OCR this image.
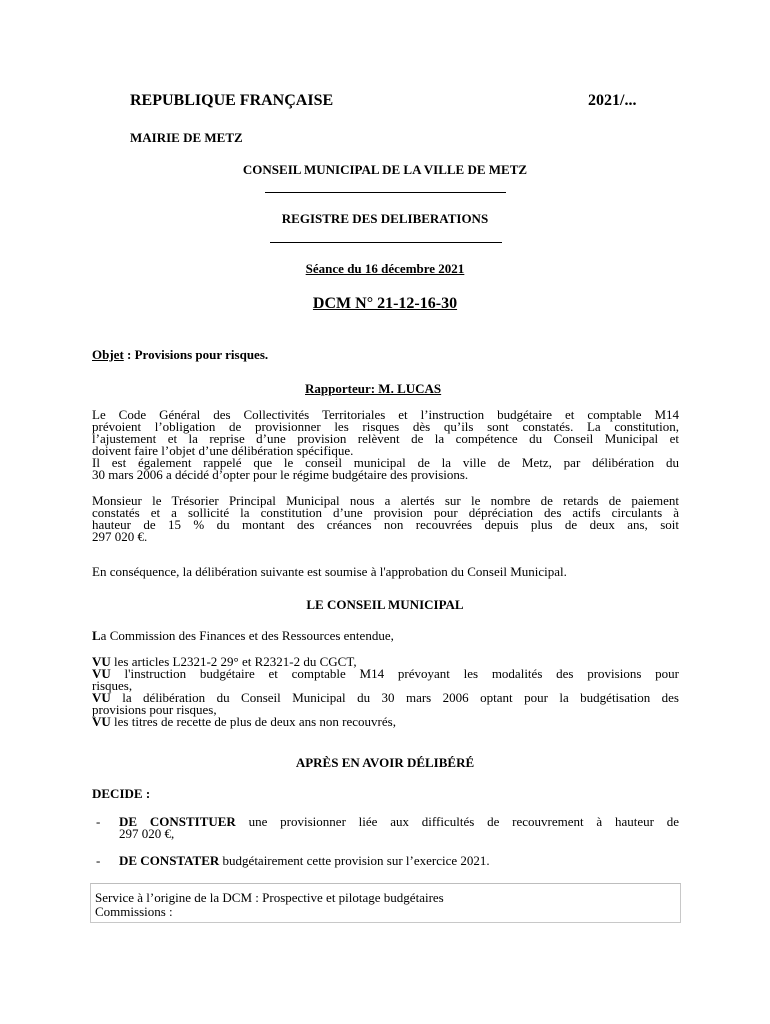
REPUBLIQUE FRANÇAISE	2021/...
MAIRIE DE METZ
CONSEIL MUNICIPAL DE LA VILLE DE METZ
REGISTRE DES DELIBERATIONS
Séance du 16 décembre 2021
DCM N° 21-12-16-30
Objet : Provisions pour risques.
Rapporteur: M. LUCAS
Le Code Général des Collectivités Territoriales et l’instruction budgétaire et comptable M14
prévoient l’obligation de provisionner les risques dès qu’ils sont constatés. La constitution,
l’ajustement et la reprise d’une provision relèvent de la compétence du Conseil Municipal et
doivent faire l’objet d’une délibération spécifique.
Il est également rappelé que le conseil municipal de la ville de Metz, par délibération du
30 mars 2006 a décidé d’opter pour le régime budgétaire des provisions.
Monsieur le Trésorier Principal Municipal nous a alertés sur le nombre de retards de paiement
constatés et a sollicité la constitution d’une provision pour dépréciation des actifs circulants à
hauteur de 15 % du montant des créances non recouvrées depuis plus de deux ans, soit
297 020 €.
En conséquence, la délibération suivante est soumise à l'approbation du Conseil Municipal.
LE CONSEIL MUNICIPAL
La Commission des Finances et des Ressources entendue,
VU les articles L2321-2 29° et R2321-2 du CGCT,
VU l'instruction budgétaire et comptable M14 prévoyant les modalités des provisions pour
risques,
VU la délibération du Conseil Municipal du 30 mars 2006 optant pour la budgétisation des
provisions pour risques,
VU les titres de recette de plus de deux ans non recouvrés,
APRÈS EN AVOIR DÉLIBÉRÉ
DECIDE :
- DE CONSTITUER une provisionner liée aux difficultés de recouvrement à hauteur de
297 020 €,
- DE CONSTATER budgétairement cette provision sur l’exercice 2021.
Service à l’origine de la DCM : Prospective et pilotage budgétaires
Commissions :
